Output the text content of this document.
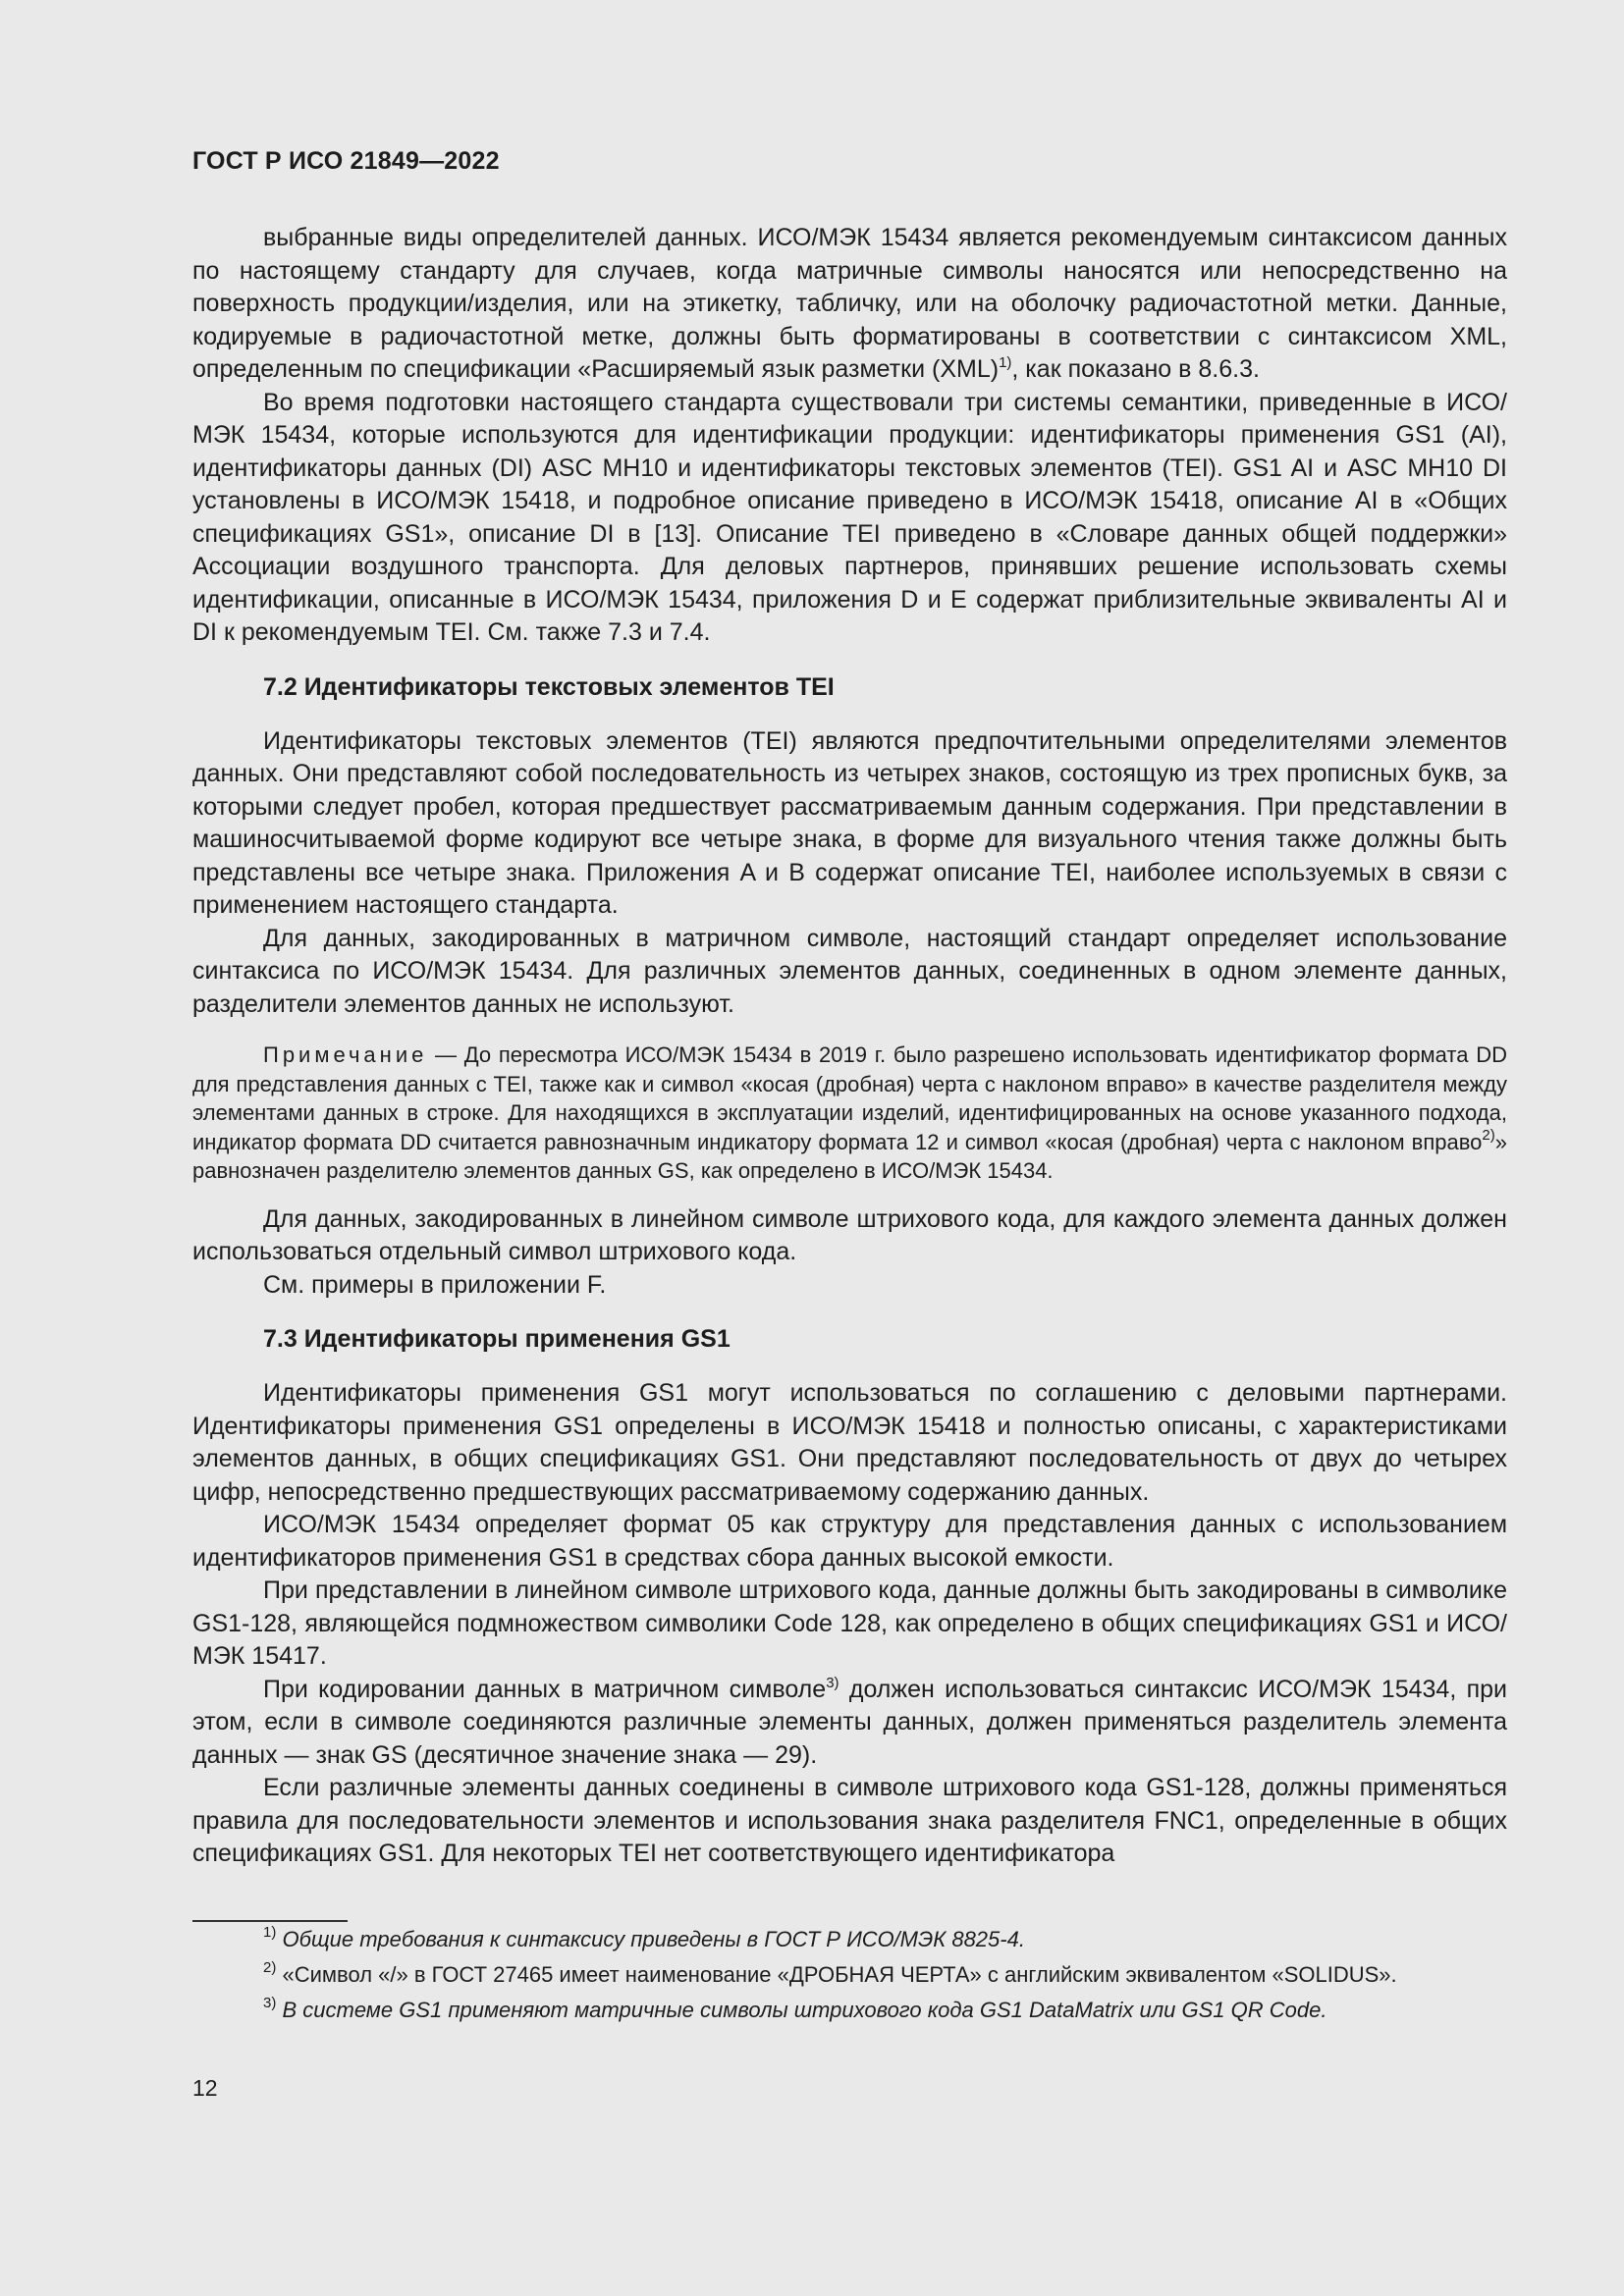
ГОСТ Р ИСО 21849—2022

выбранные виды определителей данных. ИСО/МЭК 15434 является рекомендуемым синтаксисом данных по настоящему стандарту для случаев, когда матричные символы наносятся или непосредственно на поверхность продукции/изделия, или на этикетку, табличку, или на оболочку радиочастотной метки. Данные, кодируемые в радиочастотной метке, должны быть форматированы в соответствии с синтаксисом XML, определенным по спецификации «Расширяемый язык разметки (XML)$^{1)}$, как показано в 8.6.3.

Во время подготовки настоящего стандарта существовали три системы семантики, приведенные в ИСО/МЭК 15434, которые используются для идентификации продукции: идентификаторы применения GS1 (AI), идентификаторы данных (DI) ASC MH10 и идентификаторы текстовых элементов (TEI). GS1 AI и ASC MH10 DI установлены в ИСО/МЭК 15418, и подробное описание приведено в ИСО/МЭК 15418, описание AI в «Общих спецификациях GS1», описание DI в [13]. Описание TEI приведено в «Словаре данных общей поддержки» Ассоциации воздушного транспорта. Для деловых партнеров, принявших решение использовать схемы идентификации, описанные в ИСО/МЭК 15434, приложения D и E содержат приблизительные эквиваленты AI и DI к рекомендуемым TEI. См. также 7.3 и 7.4.

7.2 Идентификаторы текстовых элементов TEI

Идентификаторы текстовых элементов (TEI) являются предпочтительными определителями элементов данных. Они представляют собой последовательность из четырех знаков, состоящую из трех прописных букв, за которыми следует пробел, которая предшествует рассматриваемым данным содержания. При представлении в машиносчитываемой форме кодируют все четыре знака, в форме для визуального чтения также должны быть представлены все четыре знака. Приложения A и B содержат описание TEI, наиболее используемых в связи с применением настоящего стандарта.

Для данных, закодированных в матричном символе, настоящий стандарт определяет использование синтаксиса по ИСО/МЭК 15434. Для различных элементов данных, соединенных в одном элементе данных, разделители элементов данных не используют.

Примечание — До пересмотра ИСО/МЭК 15434 в 2019 г. было разрешено использовать идентификатор формата DD для представления данных с TEI, также как и символ «косая (дробная) черта с наклоном вправо» в качестве разделителя между элементами данных в строке. Для находящихся в эксплуатации изделий, идентифицированных на основе указанного подхода, индикатор формата DD считается равнозначным индикатору формата 12 и символ «косая (дробная) черта с наклоном вправо$^{2)}$» равнозначен разделителю элементов данных GS, как определено в ИСО/МЭК 15434.

Для данных, закодированных в линейном символе штрихового кода, для каждого элемента данных должен использоваться отдельный символ штрихового кода.

См. примеры в приложении F.

7.3 Идентификаторы применения GS1

Идентификаторы применения GS1 могут использоваться по соглашению с деловыми партнерами. Идентификаторы применения GS1 определены в ИСО/МЭК 15418 и полностью описаны, с характеристиками элементов данных, в общих спецификациях GS1. Они представляют последовательность от двух до четырех цифр, непосредственно предшествующих рассматриваемому содержанию данных.

ИСО/МЭК 15434 определяет формат 05 как структуру для представления данных с использованием идентификаторов применения GS1 в средствах сбора данных высокой емкости.

При представлении в линейном символе штрихового кода, данные должны быть закодированы в символике GS1-128, являющейся подмножеством символики Code 128, как определено в общих спецификациях GS1 и ИСО/МЭК 15417.

При кодировании данных в матричном символе$^{3)}$ должен использоваться синтаксис ИСО/МЭК 15434, при этом, если в символе соединяются различные элементы данных, должен применяться разделитель элемента данных — знак GS (десятичное значение знака — 29).

Если различные элементы данных соединены в символе штрихового кода GS1-128, должны применяться правила для последовательности элементов и использования знака разделителя FNC1, определенные в общих спецификациях GS1. Для некоторых TEI нет соответствующего идентификатора

$^{1)}$ Общие требования к синтаксису приведены в ГОСТ Р ИСО/МЭК 8825-4.

$^{2)}$ «Символ «/» в ГОСТ 27465 имеет наименование «ДРОБНАЯ ЧЕРТА» с английским эквивалентом «SOLIDUS».

$^{3)}$ В системе GS1 применяют матричные символы штрихового кода GS1 DataMatrix или GS1 QR Code.

12
